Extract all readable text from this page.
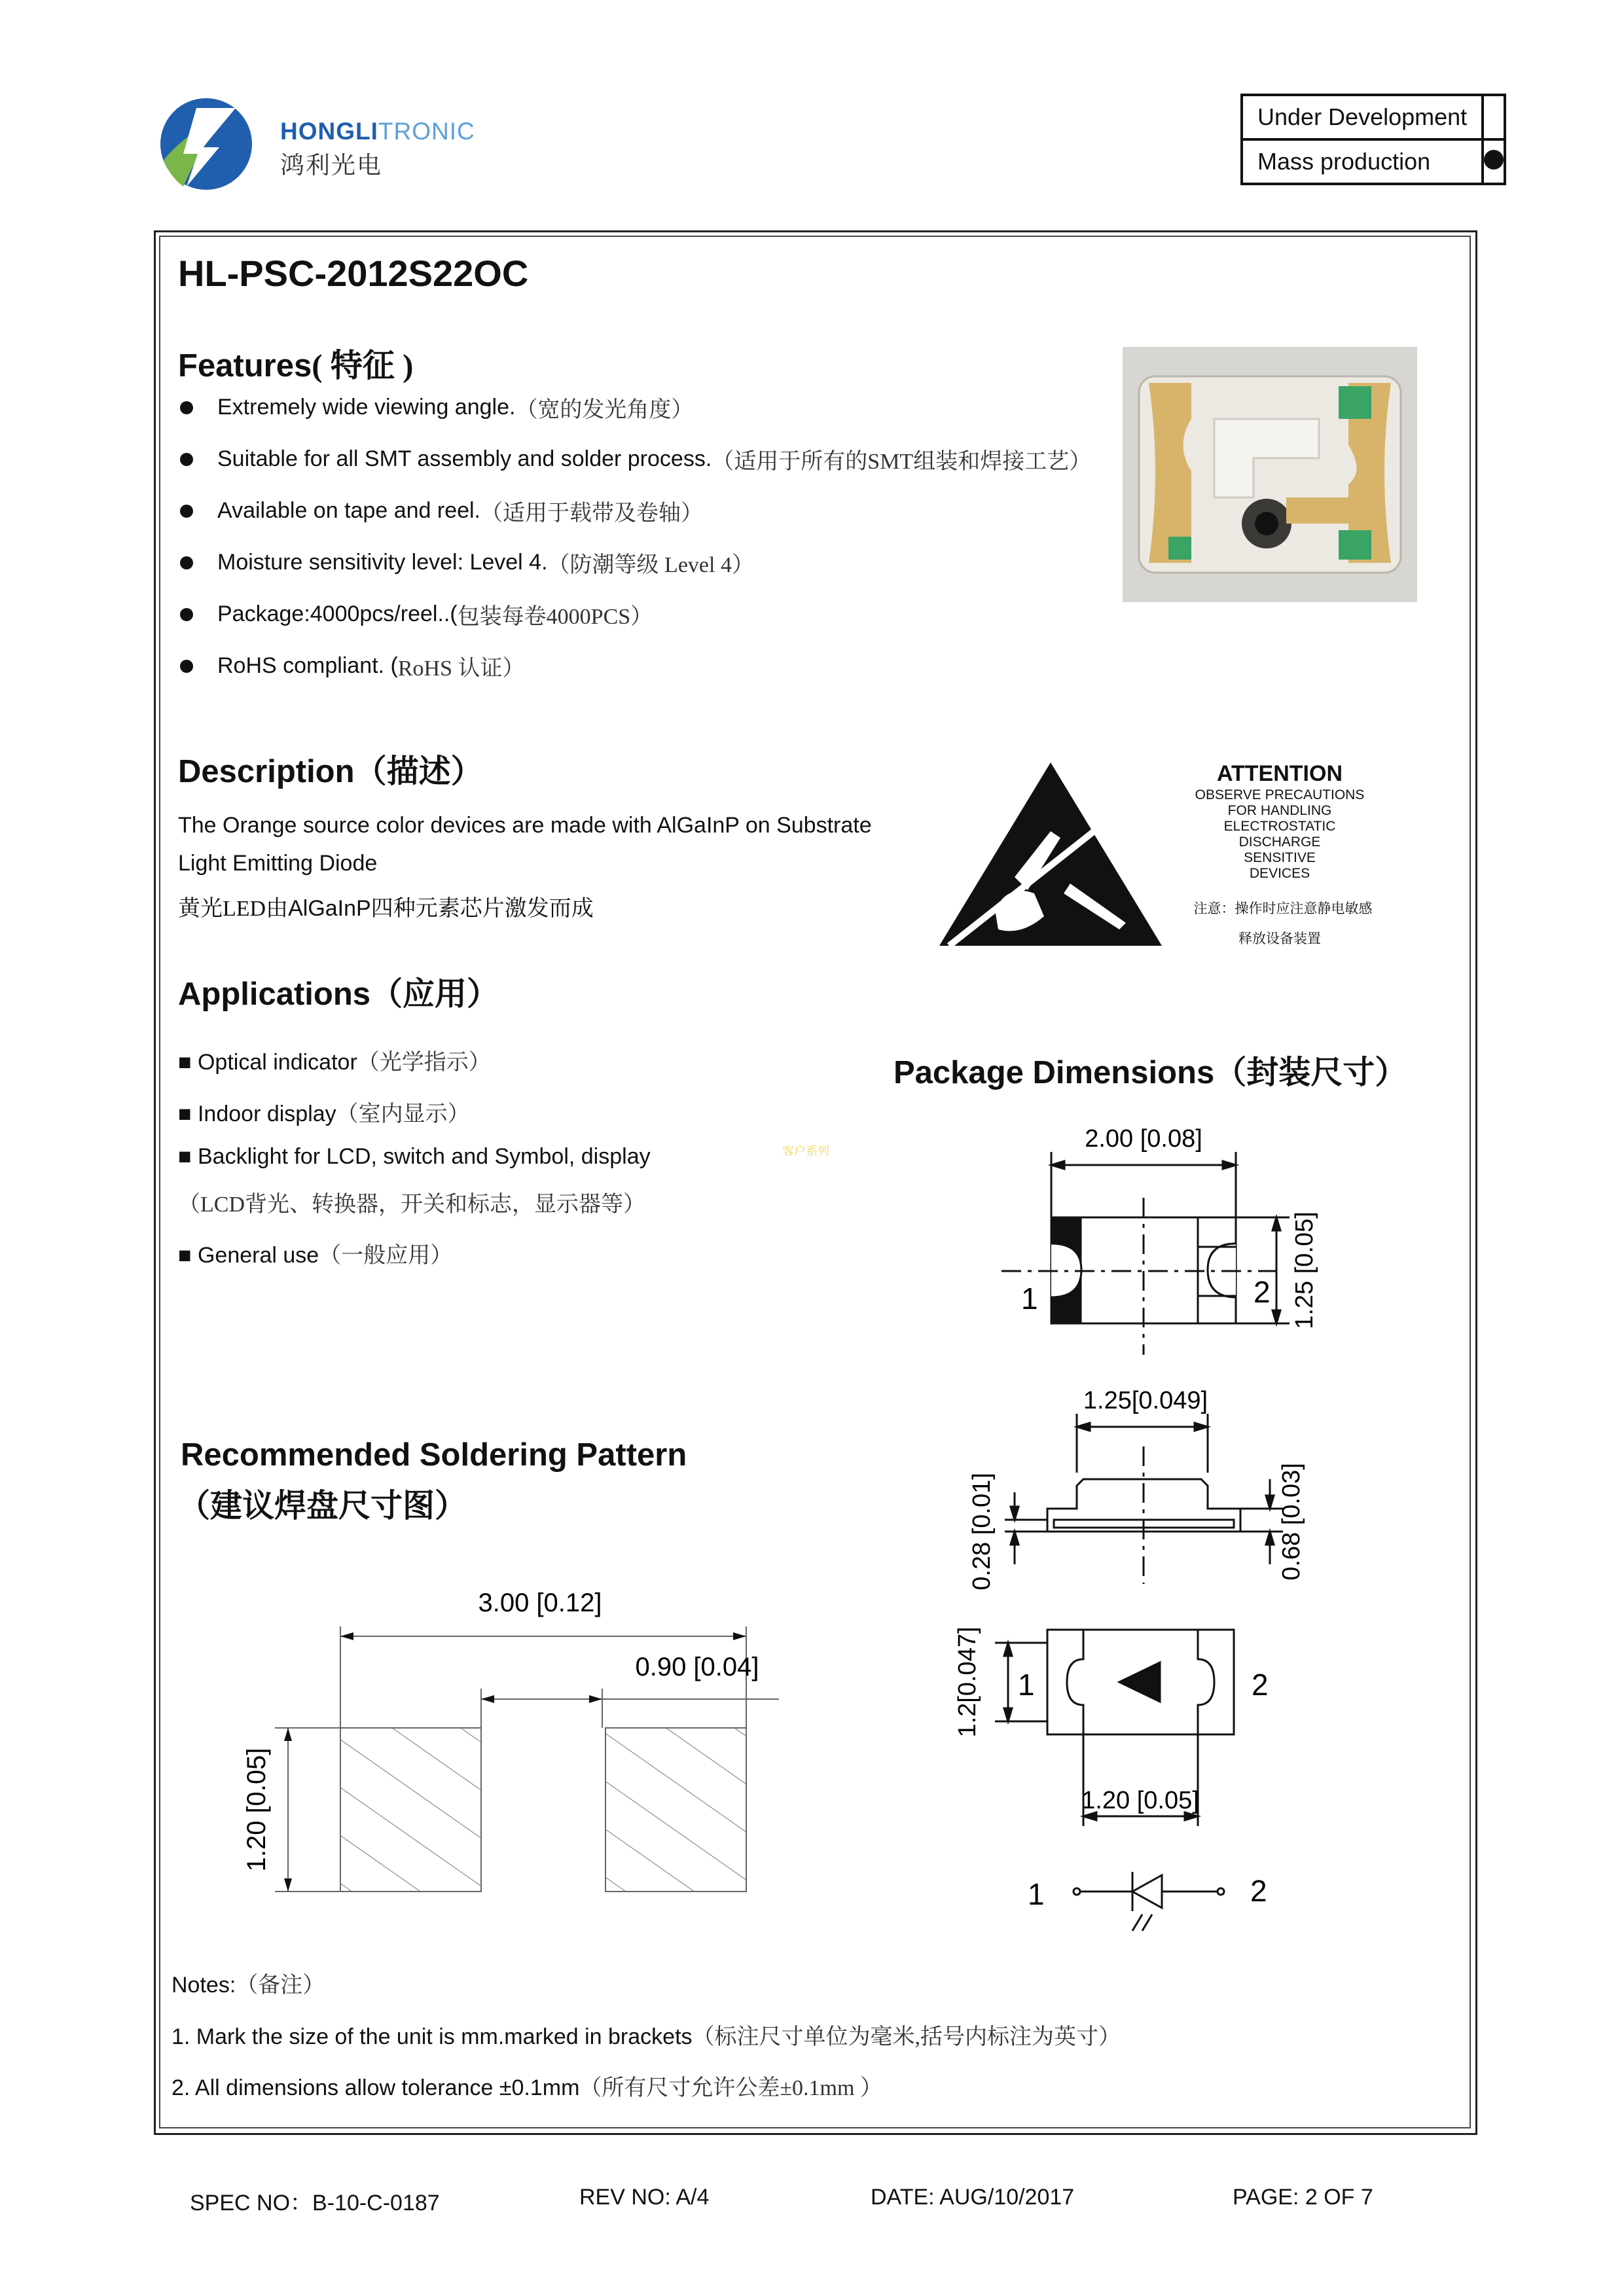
HONGLITRONIC
鸿利光电
Under Development	
Mass production	
HL-PSC-2012S22OC
Features( 特征 )
Extremely wide viewing angle. （宽的发光角度）
Suitable for all SMT assembly and solder process. （适用于所有的SMT组装和焊接工艺）
Available on tape and reel. （适用于载带及卷轴）
Moisture sensitivity level: Level 4. （防潮等级 Level 4）
Package:4000pcs/reel..( 包装每卷4000PCS）
RoHS compliant. ( RoHS 认证）
Description（描述）
The Orange source color devices are made with AlGaInP on Substrate
Light Emitting Diode
黄光LED由AlGaInP四种元素芯片激发而成
ATTENTION
OBSERVE PRECAUTIONS
FOR HANDLING
ELECTROSTATIC
DISCHARGE
SENSITIVE
DEVICES
注意：操作时应注意静电敏感
释放设备装置
Applications（应用）
■ Optical indicator（光学指示）
■ Indoor display（室内显示）
■ Backlight for LCD, switch and Symbol, display
（LCD背光、转换器，开关和标志，显示器等）
■ General use（一般应用）
客户系列
Package Dimensions（封装尺寸）
2.00 [0.08]
1.25 [0.05]
1	2
1.25[0.049]
0.28 [0.01]	0.68 [0.03]
1.2[0.047]
1.20 [0.05]
1	2
1	2
Recommended Soldering Pattern
（建议焊盘尺寸图）
3.00 [0.12]
0.90 [0.04]
1.20 [0.05]
Notes:（备注）
1. Mark the size of the unit is mm.marked in brackets（标注尺寸单位为毫米,括号内标注为英寸）
2. All dimensions allow tolerance ±0.1mm（所有尺寸允许公差±0.1mm ）
SPEC NO：B-10-C-0187	REV NO: A/4	DATE: AUG/10/2017	PAGE: 2 OF 7
